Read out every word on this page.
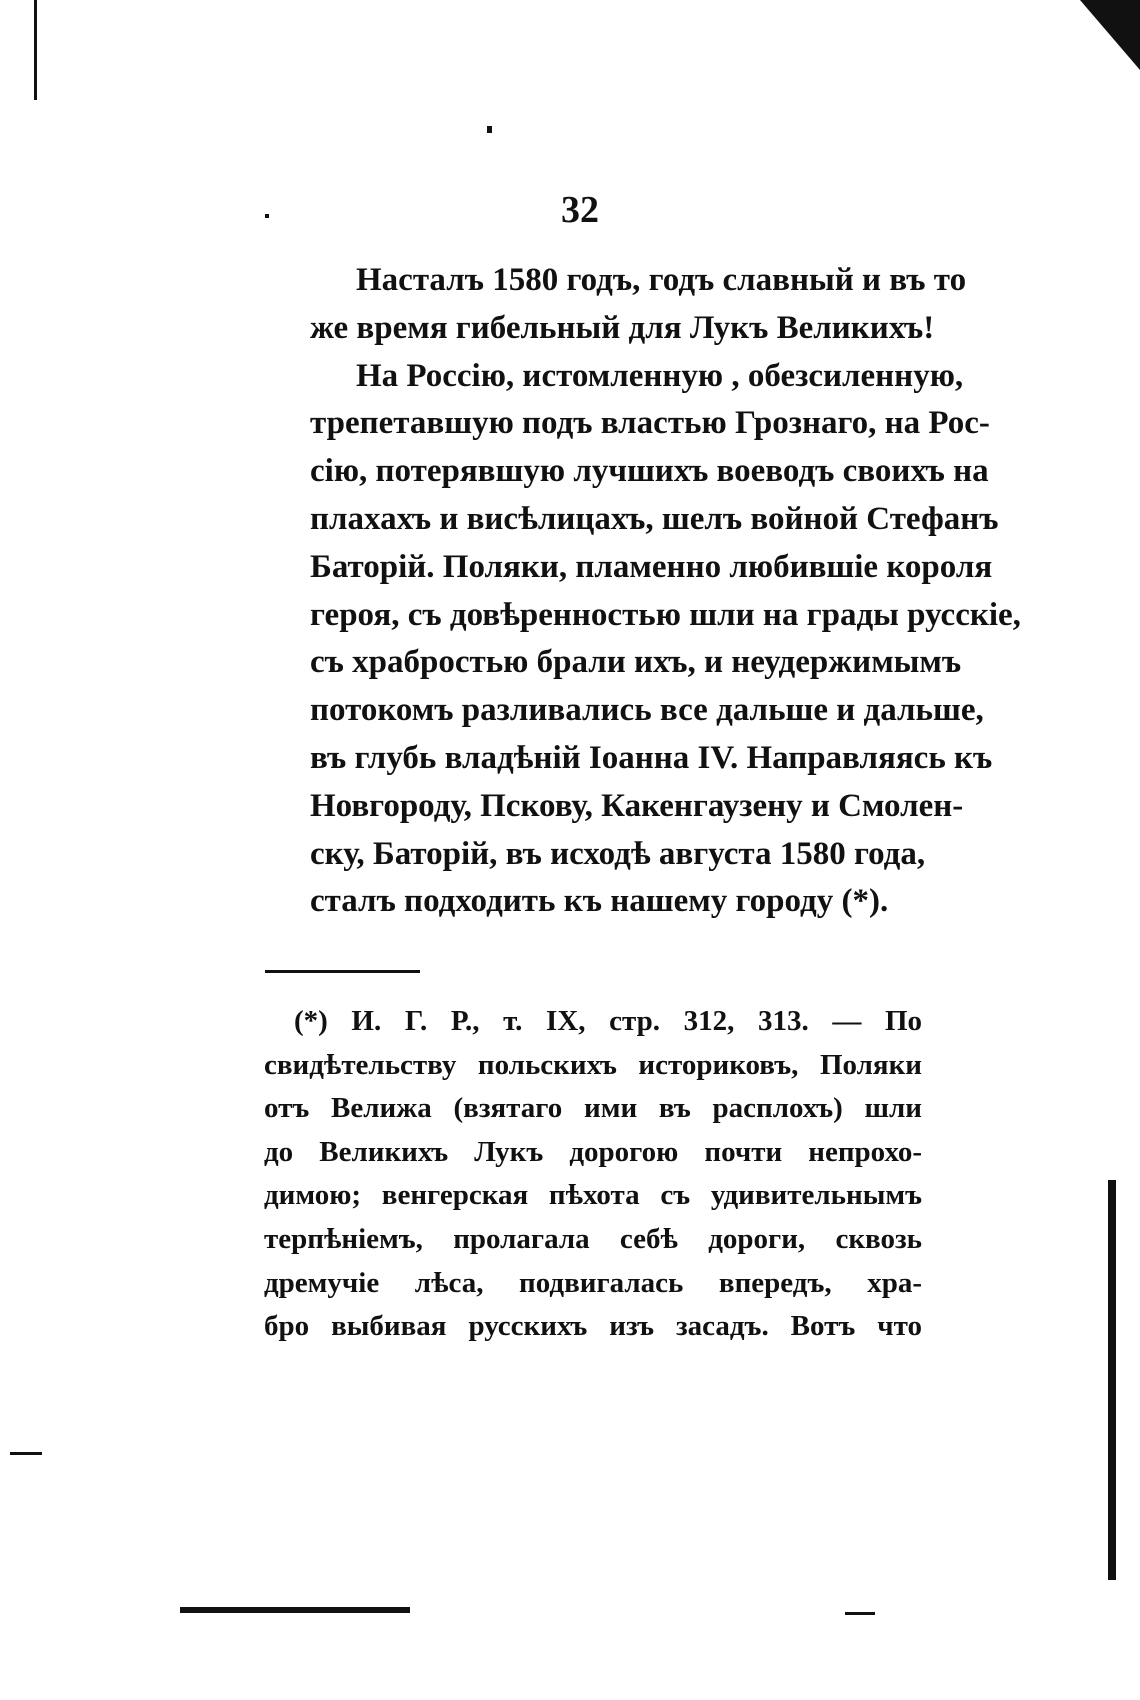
32
Насталъ 1580 годъ, годъ славный и въ то
же время гибельный для Лукъ Великихъ!
На Россію, истомленную , обезсиленную,
трепетавшую подъ властью Грознаго, на Рос-
сію, потерявшую лучшихъ воеводъ своихъ на
плахахъ и висѣлицахъ, шелъ войной Стефанъ
Баторій. Поляки, пламенно любившіе короля
героя, съ довѣренностью шли на грады русскіе,
съ храбростью брали ихъ, и неудержимымъ
потокомъ разливались все дальше и дальше,
въ глубь владѣній Іоанна IV. Направляясь къ
Новгороду, Пскову, Какенгаузену и Смолен-
ску, Баторій, въ исходѣ августа 1580 года,
сталъ подходить къ нашему городу (*).
(*) И. Г. Р., т. IX, стр. 312, 313. — По
свидѣтельству польскихъ историковъ, Поляки
отъ Велижа (взятаго ими въ расплохъ) шли
до Великихъ Лукъ дорогою почти непрохо-
димою; венгерская пѣхота съ удивительнымъ
терпѣніемъ, пролагала себѣ дороги, сквозь
дремучіе лѣса, подвигалась впередъ, хра-
бро выбивая русскихъ изъ засадъ. Вотъ что
